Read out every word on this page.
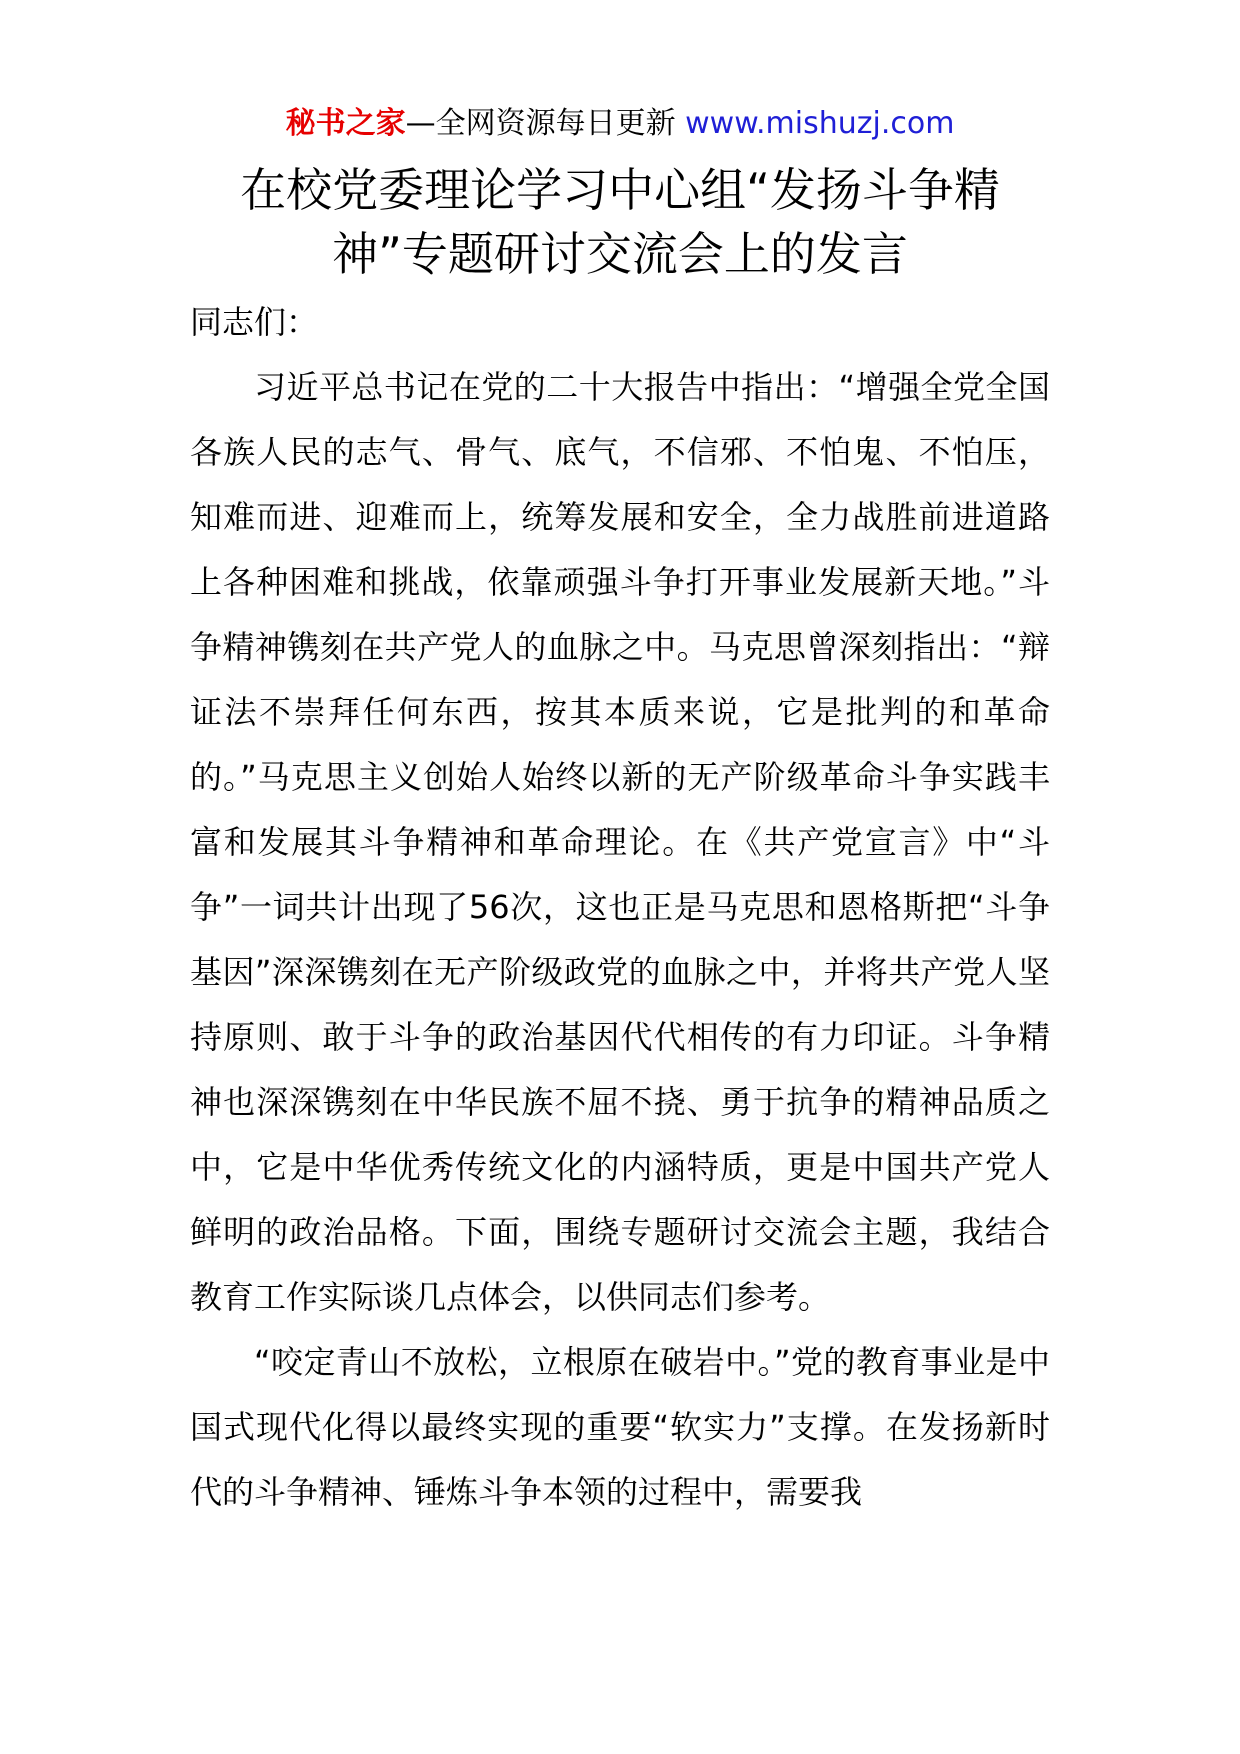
秘书之家—全网资源每日更新 www.mishuzj.com
在校党委理论学习中心组“发扬斗争精神”专题研讨交流会上的发言

同志们：

习近平总书记在党的二十大报告中指出：“增强全党全国各族人民的志气、骨气、底气，不信邪、不怕鬼、不怕压，知难而进、迎难而上，统筹发展和安全，全力战胜前进道路上各种困难和挑战，依靠顽强斗争打开事业发展新天地。”斗争精神镌刻在共产党人的血脉之中。马克思曾深刻指出：“辩证法不崇拜任何东西，按其本质来说，它是批判的和革命的。”马克思主义创始人始终以新的无产阶级革命斗争实践丰富和发展其斗争精神和革命理论。在《共产党宣言》中“斗争”一词共计出现了56次，这也正是马克思和恩格斯把“斗争基因”深深镌刻在无产阶级政党的血脉之中，并将共产党人坚持原则、敢于斗争的政治基因代代相传的有力印证。斗争精神也深深镌刻在中华民族不屈不挠、勇于抗争的精神品质之中，它是中华优秀传统文化的内涵特质，更是中国共产党人鲜明的政治品格。下面，围绕专题研讨交流会主题，我结合教育工作实际谈几点体会，以供同志们参考。

“咬定青山不放松，立根原在破岩中。”党的教育事业是中国式现代化得以最终实现的重要“软实力”支撑。在发扬新时代的斗争精神、锤炼斗争本领的过程中，需要我
